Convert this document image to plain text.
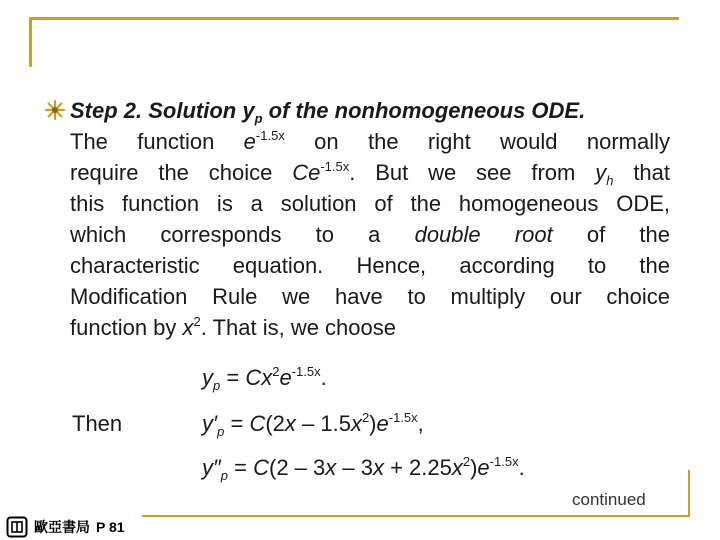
Step 2. Solution $y_p$ of the nonhomogeneous ODE.
The function $e^{-1.5x}$ on the right would normally
require the choice $Ce^{-1.5x}$. But we see from $y_h$ that
this function is a solution of the homogeneous ODE,
which corresponds to a double root of the
characteristic equation. Hence, according to the
Modification Rule we have to multiply our choice
function by $x^2$. That is, we choose
$y_p = Cx^2e^{-1.5x}$.
Then	$y'_p = C(2x - 1.5x^2)e^{-1.5x}$,
$y''_p = C(2 - 3x - 3x + 2.25x^2)e^{-1.5x}$.
continued
歐亞書局 P 81
